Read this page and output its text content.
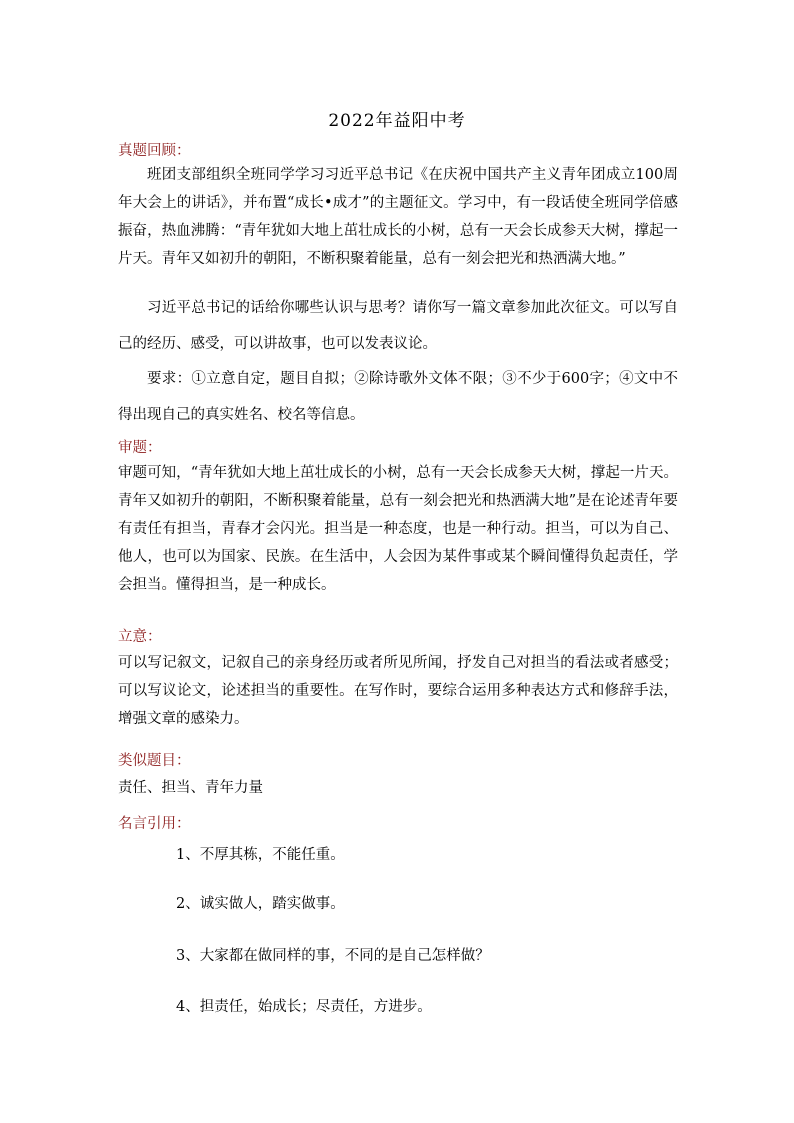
2022年益阳中考
真题回顾：
班团支部组织全班同学学习习近平总书记《在庆祝中国共产主义青年团成立100周年大会上的讲话》，并布置“成长•成才”的主题征文。学习中，有一段话使全班同学倍感振奋，热血沸腾：“青年犹如大地上茁壮成长的小树，总有一天会长成参天大树，撑起一片天。青年又如初升的朝阳，不断积聚着能量，总有一刻会把光和热洒满大地。”
习近平总书记的话给你哪些认识与思考？请你写一篇文章参加此次征文。可以写自己的经历、感受，可以讲故事，也可以发表议论。
要求：①立意自定，题目自拟；②除诗歌外文体不限；③不少于600字；④文中不得出现自己的真实姓名、校名等信息。
审题：
审题可知，“青年犹如大地上茁壮成长的小树，总有一天会长成参天大树，撑起一片天。青年又如初升的朝阳，不断积聚着能量，总有一刻会把光和热洒满大地”是在论述青年要有责任有担当，青春才会闪光。担当是一种态度，也是一种行动。担当，可以为自己、他人，也可以为国家、民族。在生活中，人会因为某件事或某个瞬间懂得负起责任，学会担当。懂得担当，是一种成长。
立意：
可以写记叙文，记叙自己的亲身经历或者所见所闻，抒发自己对担当的看法或者感受；可以写议论文，论述担当的重要性。在写作时，要综合运用多种表达方式和修辞手法，增强文章的感染力。
类似题目：
责任、担当、青年力量
名言引用：
1、不厚其栋，不能任重。
2、诚实做人，踏实做事。
3、大家都在做同样的事，不同的是自己怎样做？
4、担责任，始成长；尽责任，方进步。
